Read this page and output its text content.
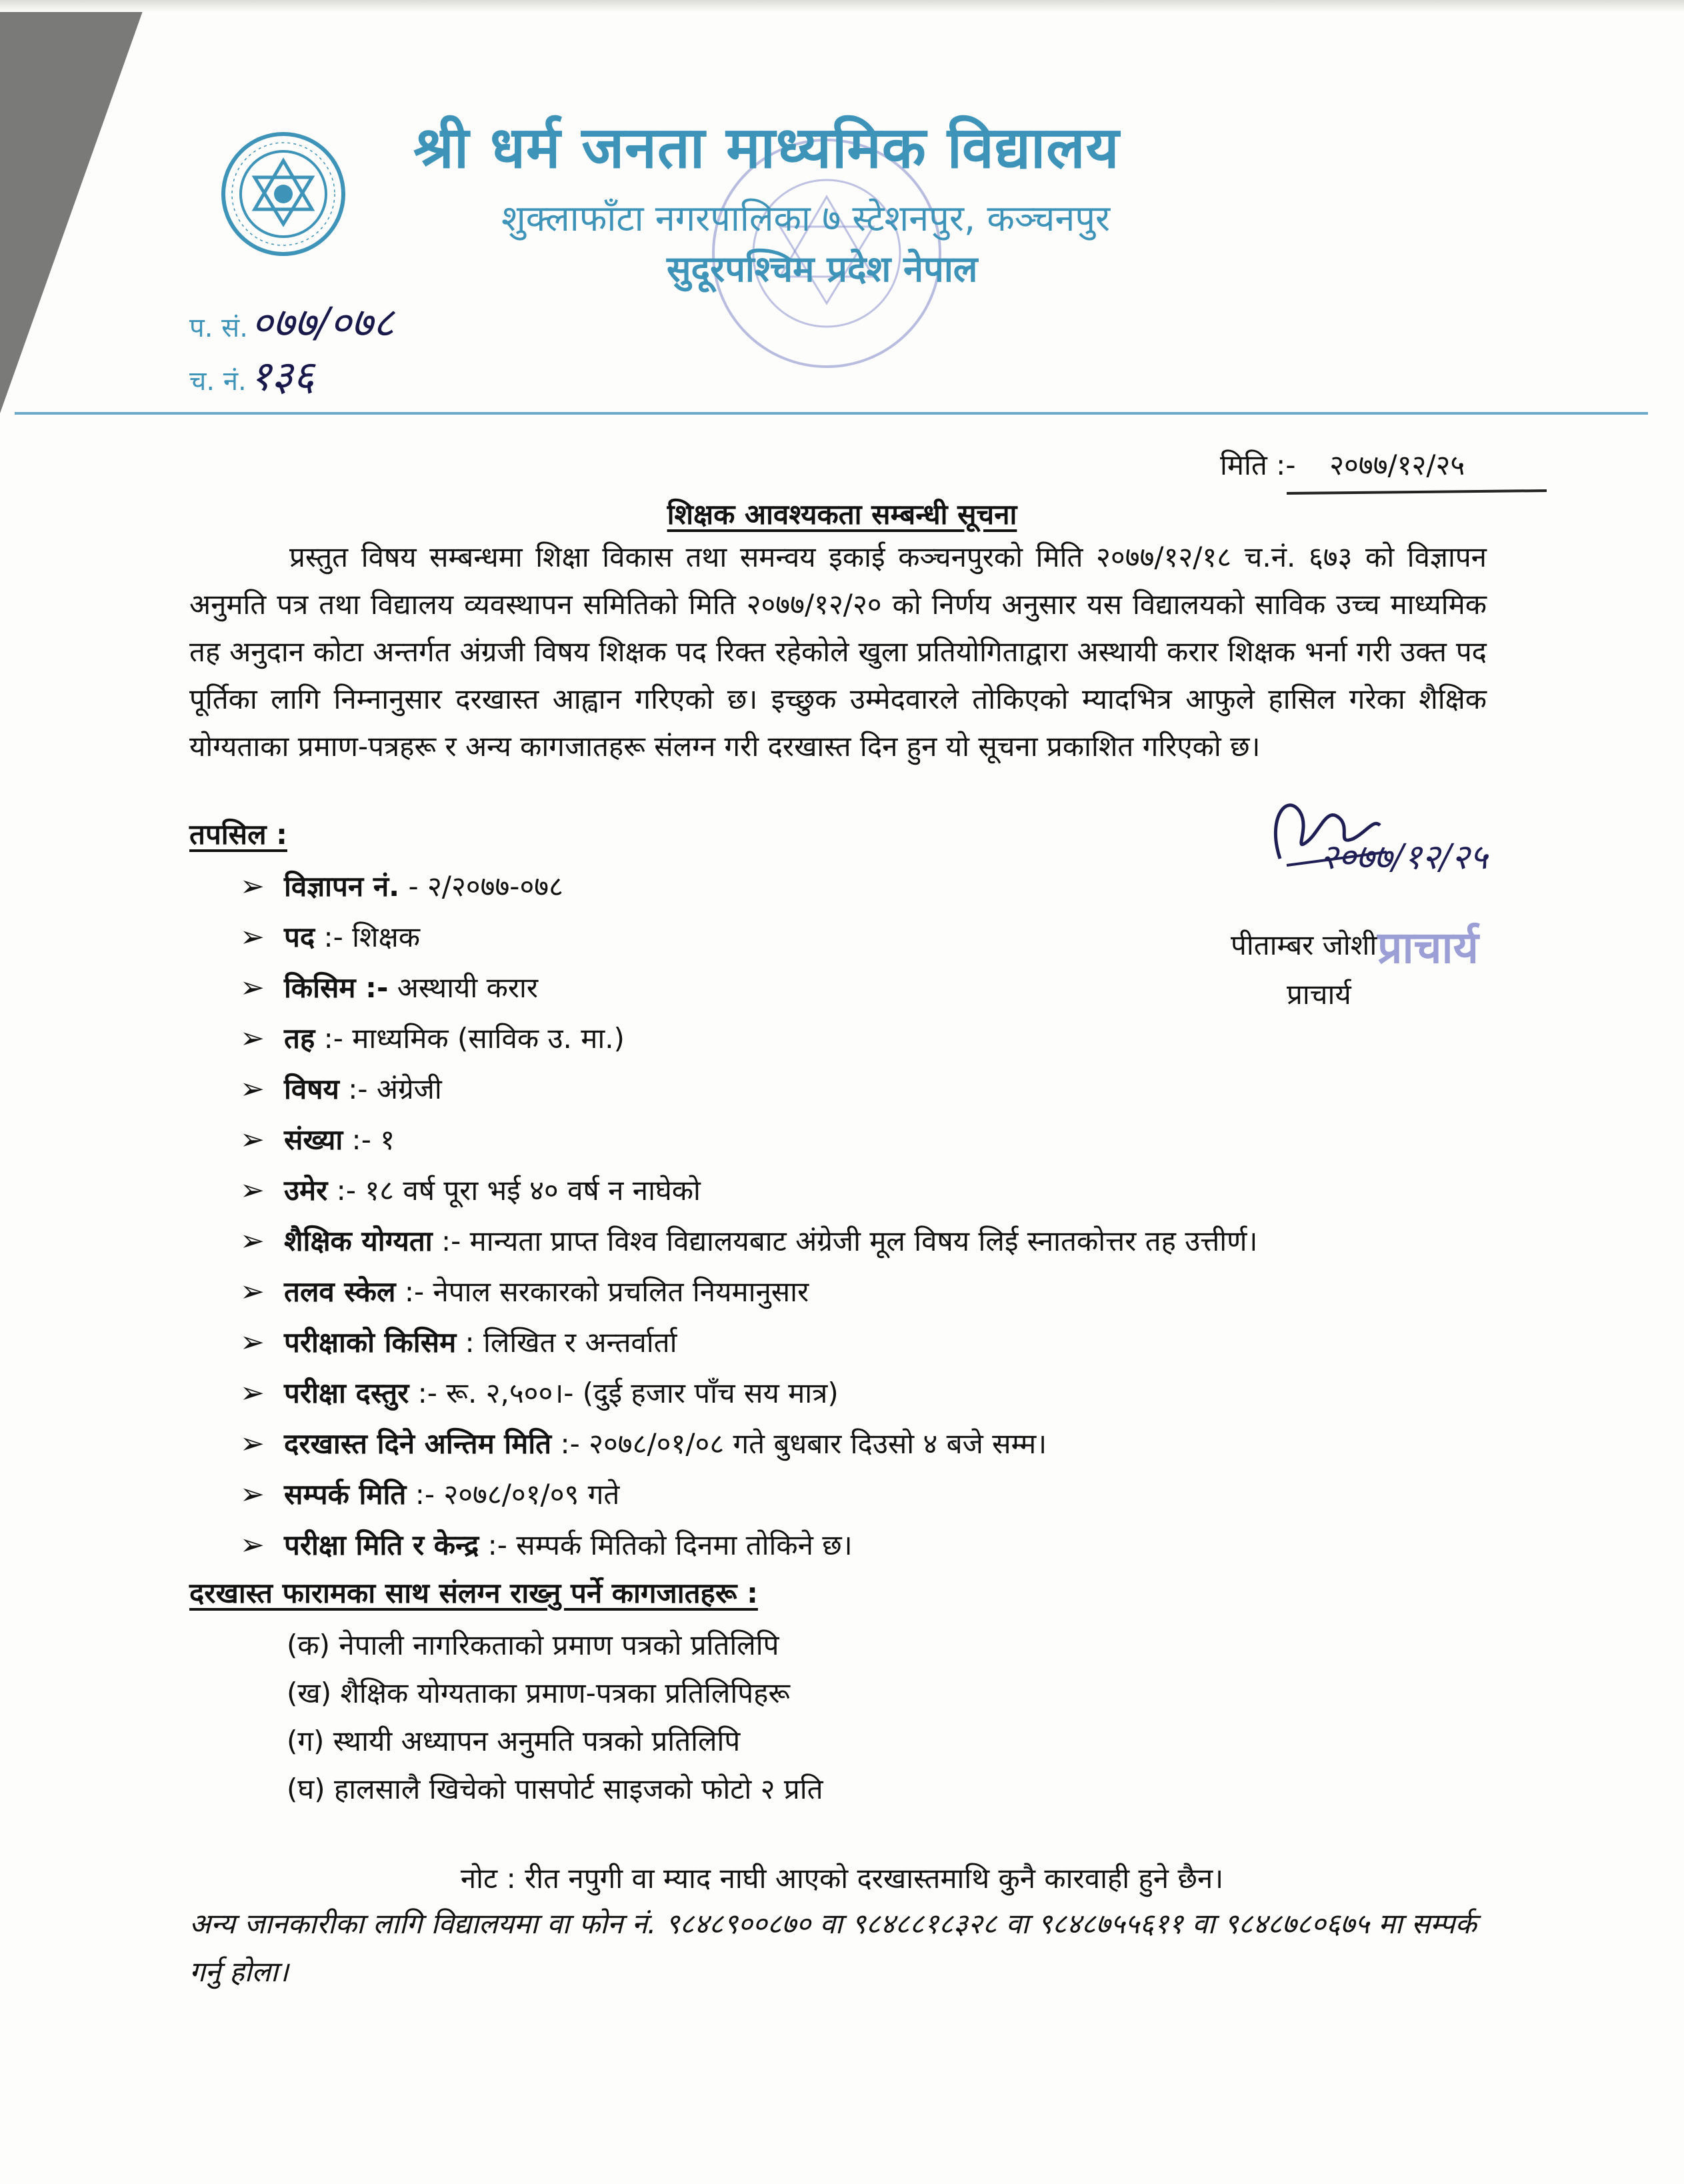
श्री धर्म जनता माध्यमिक विद्यालय
शुक्लाफाँटा नगरपालिका ७ स्टेशनपुर, कञ्चनपुर
सुदूरपश्चिम प्रदेश नेपाल
प. सं. ०७७/०७८
च. नं. १३६
मिति :- २०७७/१२/२५
शिक्षक आवश्यकता सम्बन्धी सूचना
प्रस्तुत विषय सम्बन्धमा शिक्षा विकास तथा समन्वय इकाई कञ्चनपुरको मिति २०७७/१२/१८ च.नं. ६७३ को विज्ञापन अनुमति पत्र तथा विद्यालय व्यवस्थापन समितिको मिति २०७७/१२/२० को निर्णय अनुसार यस विद्यालयको साविक उच्च माध्यमिक तह अनुदान कोटा अन्तर्गत अंग्रजी विषय शिक्षक पद रिक्त रहेकोले खुला प्रतियोगिताद्वारा अस्थायी करार शिक्षक भर्ना गरी उक्त पद पूर्तिका लागि निम्नानुसार दरखास्त आह्वान गरिएको छ। इच्छुक उम्मेदवारले तोकिएको म्यादभित्र आफुले हासिल गरेका शैक्षिक योग्यताका प्रमाण-पत्रहरू र अन्य कागजातहरू संलग्न गरी दरखास्त दिन हुन यो सूचना प्रकाशित गरिएको छ।
२०७७/१२/२५
प्राचार्य
पीताम्बर जोशी
प्राचार्य
तपसिल :
➢ विज्ञापन नं. - २/२०७७-०७८
➢ पद :- शिक्षक
➢ किसिम :- अस्थायी करार
➢ तह :- माध्यमिक (साविक उ. मा.)
➢ विषय :- अंग्रेजी
➢ संख्या :- १
➢ उमेर :- १८ वर्ष पूरा भई ४० वर्ष न नाघेको
➢ शैक्षिक योग्यता :- मान्यता प्राप्त विश्व विद्यालयबाट अंग्रेजी मूल विषय लिई स्नातकोत्तर तह उत्तीर्ण।
➢ तलव स्केल :- नेपाल सरकारको प्रचलित नियमानुसार
➢ परीक्षाको किसिम : लिखित र अन्तर्वार्ता
➢ परीक्षा दस्तुर :- रू. २,५००।- (दुई हजार पाँच सय मात्र)
➢ दरखास्त दिने अन्तिम मिति :- २०७८/०१/०८ गते बुधबार दिउसो ४ बजे सम्म।
➢ सम्पर्क मिति :- २०७८/०१/०९ गते
➢ परीक्षा मिति र केन्द्र :- सम्पर्क मितिको दिनमा तोकिने छ।
दरखास्त फारामका साथ संलग्न राख्नु पर्ने कागजातहरू :
(क) नेपाली नागरिकताको प्रमाण पत्रको प्रतिलिपि
(ख) शैक्षिक योग्यताका प्रमाण-पत्रका प्रतिलिपिहरू
(ग) स्थायी अध्यापन अनुमति पत्रको प्रतिलिपि
(घ) हालसालै खिचेको पासपोर्ट साइजको फोटो २ प्रति
नोट : रीत नपुगी वा म्याद नाघी आएको दरखास्तमाथि कुनै कारवाही हुने छैन।
अन्य जानकारीका लागि विद्यालयमा वा फोन नं. ९८४८९००८७० वा ९८४८८१८३२८ वा ९८४८७५५६११ वा ९८४८७८०६७५ मा सम्पर्क गर्नु होला।
